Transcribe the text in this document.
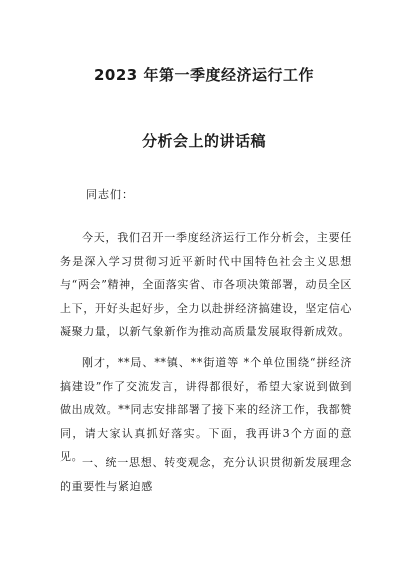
2023 年第一季度经济运行工作
分析会上的讲话稿
同志们：

今天，我们召开一季度经济运行工作分析会，主要任务是深入学习贯彻习近平新时代中国特色社会主义思想与“两会”精神，全面落实省、市各项决策部署，动员全区上下，开好头起好步，全力以赴拼经济搞建设，坚定信心凝聚力量，以新气象新作为推动高质量发展取得新成效。

刚才，**局、**镇、**街道等 *个单位围绕“拼经济搞建设”作了交流发言，讲得都很好，希望大家说到做到做出成效。**同志安排部署了接下来的经济工作，我都赞同，请大家认真抓好落实。下面，我再讲3个方面的意见。

一、统一思想、转变观念，充分认识贯彻新发展理念的重要性与紧迫感
